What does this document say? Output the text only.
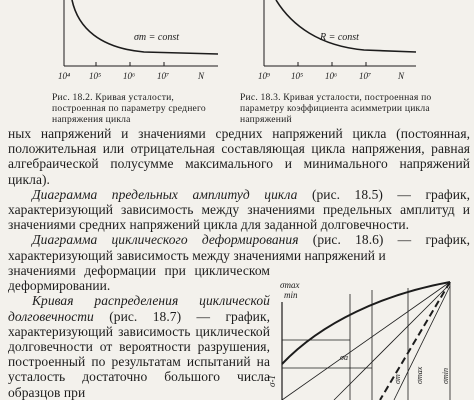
σm = const
10⁴ 10⁵ 10⁶ 10⁷	N
Рис. 18.2. Кривая усталости, построенная по параметру среднего напряжения цикла
R = const
10⁹ 10⁵ 10⁶ 10⁷	N
Рис. 18.3. Кривая усталости, построенная по параметру коэффициента асимметрии цикла напряжений

ных напряжений и значениями средних напряжений цикла (постоянная, положительная или отрицательная составляющая цикла напряжения, равная алгебраической полусумме максимального и минимального напряжений цикла).

Диаграмма предельных амплитуд цикла (рис. 18.5) — график, характеризующий зависимость между значениями предельных амплитуд и значениями средних напряжений цикла для заданной долговечности.

Диаграмма циклического деформирования (рис. 18.6) — график, характеризующий зависимость между значениями напряжений и

значениями деформации при циклическом деформировании.

Кривая распределения циклической долговечности (рис. 18.7) — график, характеризующий зависимость циклической долговечности от вероятности разрушения, построенный по результатам испытаний на усталость достаточно большого числа образцов при

σmax
min
σ-1
σa
σm σmax σmin
